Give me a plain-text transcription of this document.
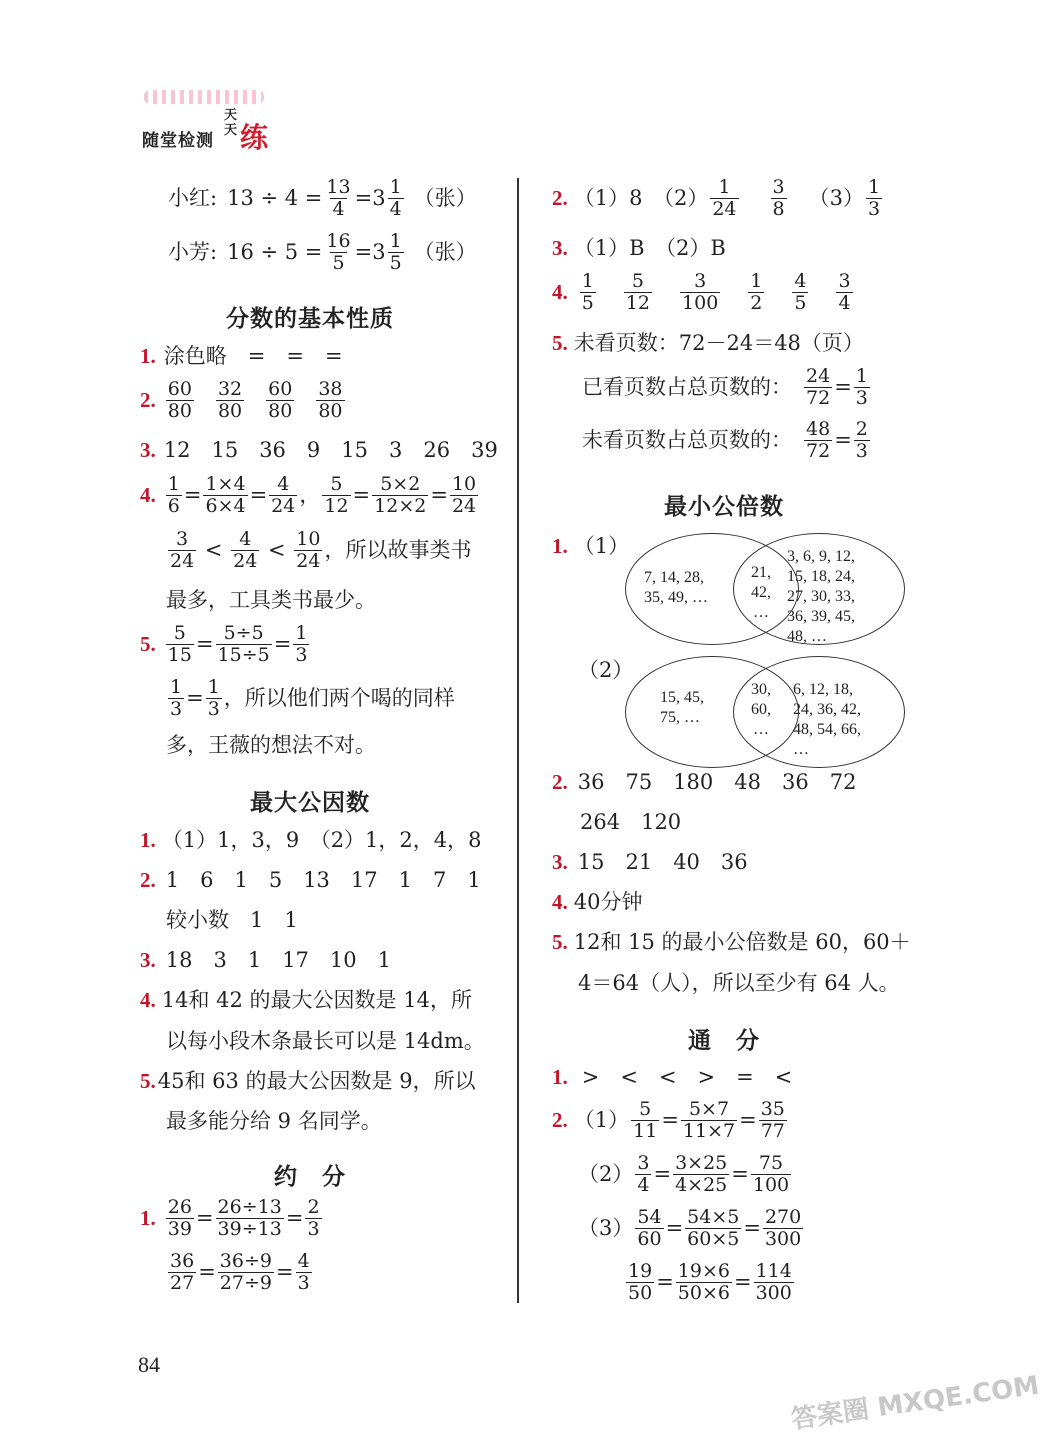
随堂检测
天天 练
小红: $13 \div 4 = \frac{13}{4} = 3 \frac{1}{4}$ （张）
小芳: $16 \div 5 = \frac{16}{5} = 3 \frac{1}{5}$ （张）
分数的基本性质
1. 涂色略　=　=　=
2. $\frac{60}{80} \frac{32}{80} \frac{60}{80} \frac{38}{80}$
3. 12　15　36　9　15　3　26　39
4. $\frac{1}{6} = \frac{1\times 4}{6\times 4} = \frac{4}{24}$ ， $\frac{5}{12} = \frac{5\times 2}{12\times 2} = \frac{10}{24}$
$\frac{3}{24} < \frac{4}{24} < \frac{10}{24}$ ，所以故事类书
最多，工具类书最少。
5. $\frac{5}{15} = \frac{5\div 5}{15\div 5} = \frac{1}{3}$
$\frac{1}{3} = \frac{1}{3}$ ，所以他们两个喝的同样
多，王薇的想法不对。
最大公因数
1. （1）1，3，9　（2）1，2，4，8
2. 1　6　1　5　13　17　1　7　1
较小数　1　1
3. 18　3　1　17　10　1
4. 14和 42 的最大公因数是 14，所
以每小段木条最长可以是 14dm。
5. 45和 63 的最大公因数是 9，所以
最多能分给 9 名同学。
约　分
1. $\frac{26}{39} = \frac{26\div 13}{39\div 13} = \frac{2}{3}$
$\frac{36}{27} = \frac{36\div 9}{27\div 9} = \frac{4}{3}$
2. （1）8　$(2) \frac{1}{24} \frac{3}{8} (3) \frac{1}{3}$
3. （1）B　（2）B
4. $\frac{1}{5} \frac{5}{12} \frac{3}{100} \frac{1}{2} \frac{4}{5} \frac{3}{4}$
5. 未看页数：72－24＝48（页）
已看页数占总页数的： $\frac{24}{72} = \frac{1}{3}$
未看页数占总页数的： $\frac{48}{72} = \frac{2}{3}$
最小公倍数
1. （1）
7, 14, 28,
35, 49, …
21,
42,
…
3, 6, 9, 12,
15, 18, 24,
27, 30, 33,
36, 39, 45,
48, …
（2）
15, 45,
75, …
30,
60,
…
6, 12, 18,
24, 36, 42,
48, 54, 66,
…
2. 36　75　180　48　36　72
264　120
3. 15　21　40　36
4. 40分钟
5. 12和 15 的最小公倍数是 60，60＋
4＝64（人），所以至少有 64 人。
通　分
1. >　<　<　>　=　<
2. $(1) \frac{5}{11} = \frac{5\times 7}{11\times 7} = \frac{35}{77}$
$(2) \frac{3}{4} = \frac{3\times 25}{4\times 25} = \frac{75}{100}$
$(3) \frac{54}{60} = \frac{54\times 5}{60\times 5} = \frac{270}{300}$
$\frac{19}{50} = \frac{19\times 6}{50\times 6} = \frac{114}{300}$
84
答案圈 MXQE.COM
